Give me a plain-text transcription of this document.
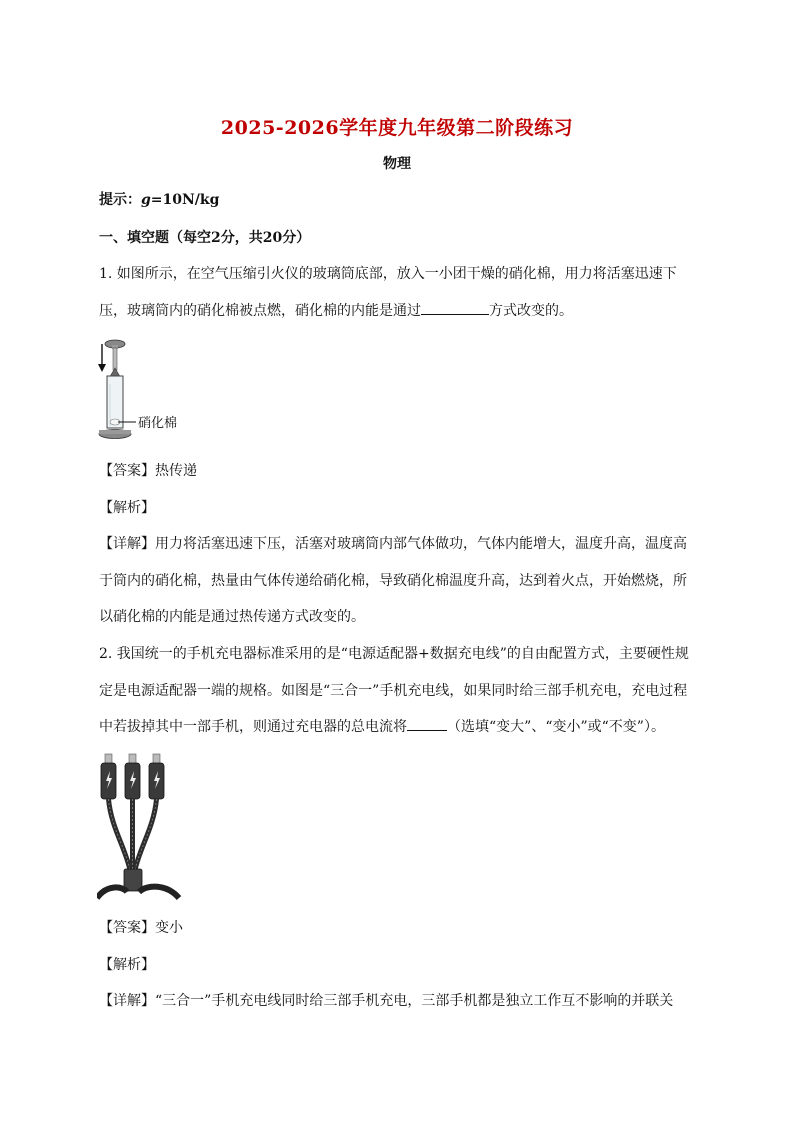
2025-2026学年度九年级第二阶段练习
物理
提示：g=10N/kg
一、填空题（每空2分，共20分）
1. 如图所示，在空气压缩引火仪的玻璃筒底部，放入一小团干燥的硝化棉，用力将活塞迅速下
压，玻璃筒内的硝化棉被点燃，硝化棉的内能是通过	方式改变的。
硝化棉
【答案】热传递
【解析】
【详解】用力将活塞迅速下压，活塞对玻璃筒内部气体做功，气体内能增大，温度升高，温度高
于筒内的硝化棉，热量由气体传递给硝化棉，导致硝化棉温度升高，达到着火点，开始燃烧，所
以硝化棉的内能是通过热传递方式改变的。
2. 我国统一的手机充电器标准采用的是“电源适配器+数据充电线”的自由配置方式，主要硬性规
定是电源适配器一端的规格。如图是“三合一”手机充电线，如果同时给三部手机充电，充电过程
中若拔掉其中一部手机，则通过充电器的总电流将	（选填“变大”、“变小”或“不变”）。
【答案】变小
【解析】
【详解】“三合一”手机充电线同时给三部手机充电，三部手机都是独立工作互不影响的并联关
